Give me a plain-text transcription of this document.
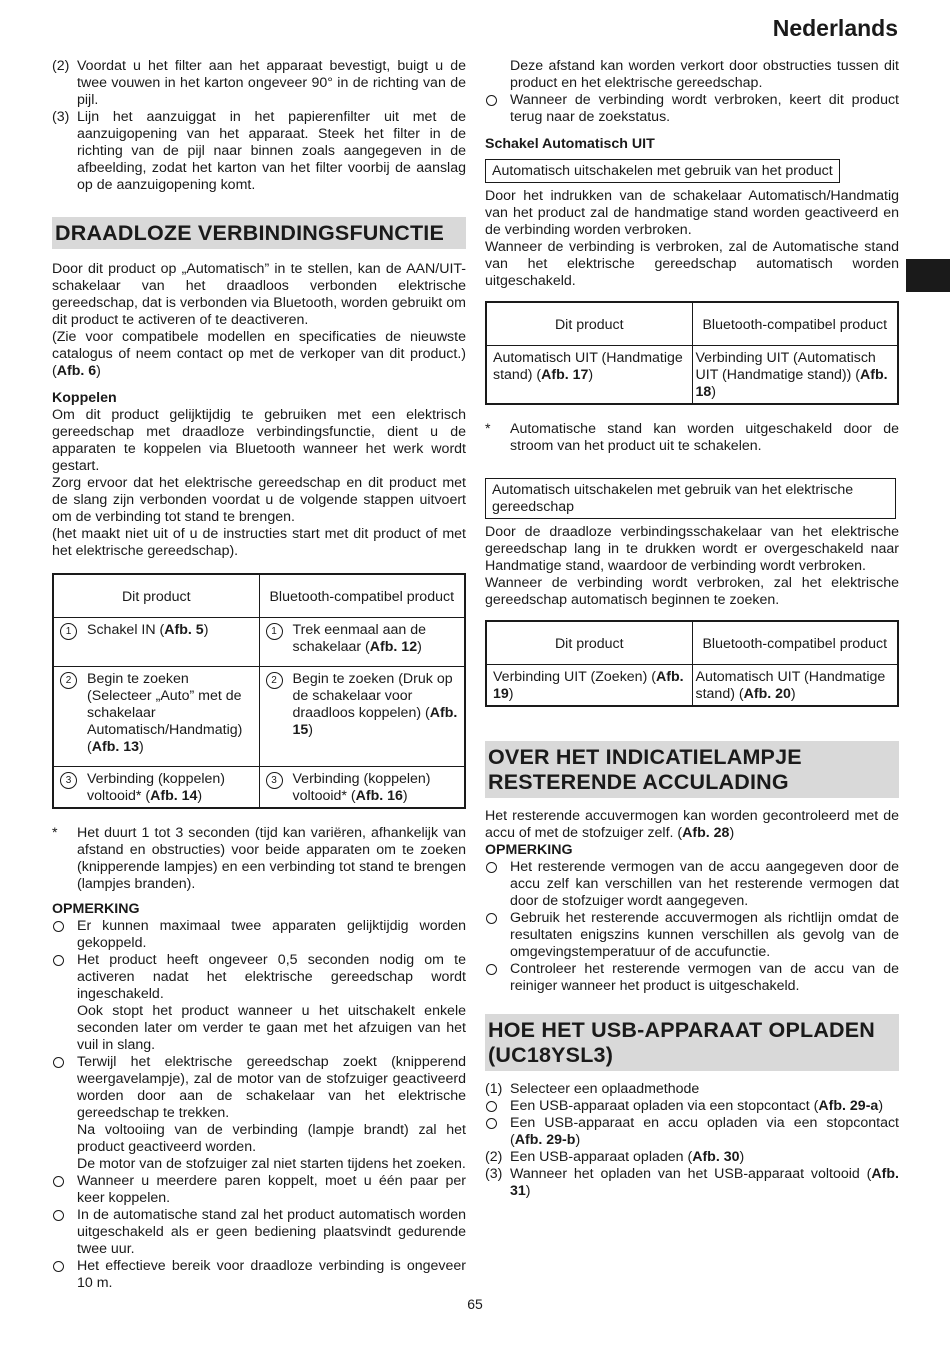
Nederlands
(2) Voordat u het filter aan het apparaat bevestigt, buigt u de twee vouwen in het karton ongeveer 90° in de richting van de pijl.
(3) Lijn het aanzuiggat in het papierenfilter uit met de aanzuigopening van het apparaat. Steek het filter in de richting van de pijl naar binnen zoals aangegeven in de afbeelding, zodat het karton van het filter voorbij de aanslag op de aanzuigopening komt.
DRAADLOZE VERBINDINGSFUNCTIE

Door dit product op „Automatisch” in te stellen, kan de AAN/UIT-schakelaar van het draadloos verbonden elektrische gereedschap, dat is verbonden via Bluetooth, worden gebruikt om dit product te activeren of te deactiveren.

(Zie voor compatibele modellen en specificaties de nieuwste catalogus of neem contact op met de verkoper van dit product.) (Afb. 6)

Koppelen

Om dit product gelijktijdig te gebruiken met een elektrisch gereedschap met draadloze verbindingsfunctie, dient u de apparaten te koppelen via Bluetooth wanneer het werk wordt gestart.

Zorg ervoor dat het elektrische gereedschap en dit product met de slang zijn verbonden voordat u de volgende stappen uitvoert om de verbinding tot stand te brengen.

(het maakt niet uit of u de instructies start met dit product of met het elektrische gereedschap).

Dit product	Bluetooth-compatibel product

1 Schakel IN (Afb. 5)	1 Trek eenmaal aan de schakelaar (Afb. 12)

2 Begin te zoeken (Selecteer „Auto” met de schakelaar Automatisch/Handmatig) (Afb. 13)	2 Begin te zoeken (Druk op de schakelaar voor draadloos koppelen) (Afb. 15)

3 Verbinding (koppelen) voltooid* (Afb. 14)	3 Verbinding (koppelen) voltooid* (Afb. 16)
*	Het duurt 1 tot 3 seconden (tijd kan variëren, afhankelijk van afstand en obstructies) voor beide apparaten om te zoeken (knipperende lampjes) en een verbinding tot stand te brengen (lampjes branden).
OPMERKING
Er kunnen maximaal twee apparaten gelijktijdig worden gekoppeld.
Het product heeft ongeveer 0,5 seconden nodig om te activeren nadat het elektrische gereedschap wordt ingeschakeld.
Ook stopt het product wanneer u het uitschakelt enkele seconden later om verder te gaan met het afzuigen van het vuil in slang.
Terwijl het elektrische gereedschap zoekt (knipperend weergavelampje), zal de motor van de stofzuiger geactiveerd worden door aan de schakelaar van het elektrische gereedschap te trekken.
Na voltooiing van de verbinding (lampje brandt) zal het product geactiveerd worden.
De motor van de stofzuiger zal niet starten tijdens het zoeken.
Wanneer u meerdere paren koppelt, moet u één paar per keer koppelen.
In de automatische stand zal het product automatisch worden uitgeschakeld als er geen bediening plaatsvindt gedurende twee uur.
Het effectieve bereik voor draadloze verbinding is ongeveer 10 m.
Deze afstand kan worden verkort door obstructies tussen dit product en het elektrische gereedschap.
Wanneer de verbinding wordt verbroken, keert dit product terug naar de zoekstatus.
Schakel Automatisch UIT
Automatisch uitschakelen met gebruik van het product

Door het indrukken van de schakelaar Automatisch/Handmatig van het product zal de handmatige stand worden geactiveerd en de verbinding worden verbroken.

Wanneer de verbinding is verbroken, zal de Automatische stand van het elektrische gereedschap automatisch worden uitgeschakeld.

Dit product	Bluetooth-compatibel product
Automatisch UIT (Handmatige stand) (Afb. 17)	Verbinding UIT (Automatisch UIT (Handmatige stand)) (Afb. 18)
*	Automatische stand kan worden uitgeschakeld door de stroom van het product uit te schakelen.
Automatisch uitschakelen met gebruik van het elektrische gereedschap

Door de draadloze verbindingsschakelaar van het elektrische gereedschap lang in te drukken wordt er overgeschakeld naar Handmatige stand, waardoor de verbinding wordt verbroken.

Wanneer de verbinding wordt verbroken, zal het elektrische gereedschap automatisch beginnen te zoeken.

Dit product	Bluetooth-compatibel product
Verbinding UIT (Zoeken) (Afb. 19)	Automatisch UIT (Handmatige stand) (Afb. 20)
OVER HET INDICATIELAMPJE RESTERENDE ACCULADING

Het resterende accuvermogen kan worden gecontroleerd met de accu of met de stofzuiger zelf. (Afb. 28)

OPMERKING
Het resterende vermogen van de accu aangegeven door de accu zelf kan verschillen van het resterende vermogen dat door de stofzuiger wordt aangegeven.
Gebruik het resterende accuvermogen als richtlijn omdat de resultaten enigszins kunnen verschillen als gevolg van de omgevingstemperatuur of de accufunctie.
Controleer het resterende vermogen van de accu van de reiniger wanneer het product is uitgeschakeld.
HOE HET USB-APPARAAT OPLADEN (UC18YSL3)
(1) Selecteer een oplaadmethode
Een USB-apparaat opladen via een stopcontact (Afb. 29-a)
Een USB-apparaat en accu opladen via een stopcontact (Afb. 29-b)
(2) Een USB-apparaat opladen (Afb. 30)
(3) Wanneer het opladen van het USB-apparaat voltooid (Afb. 31)
65
